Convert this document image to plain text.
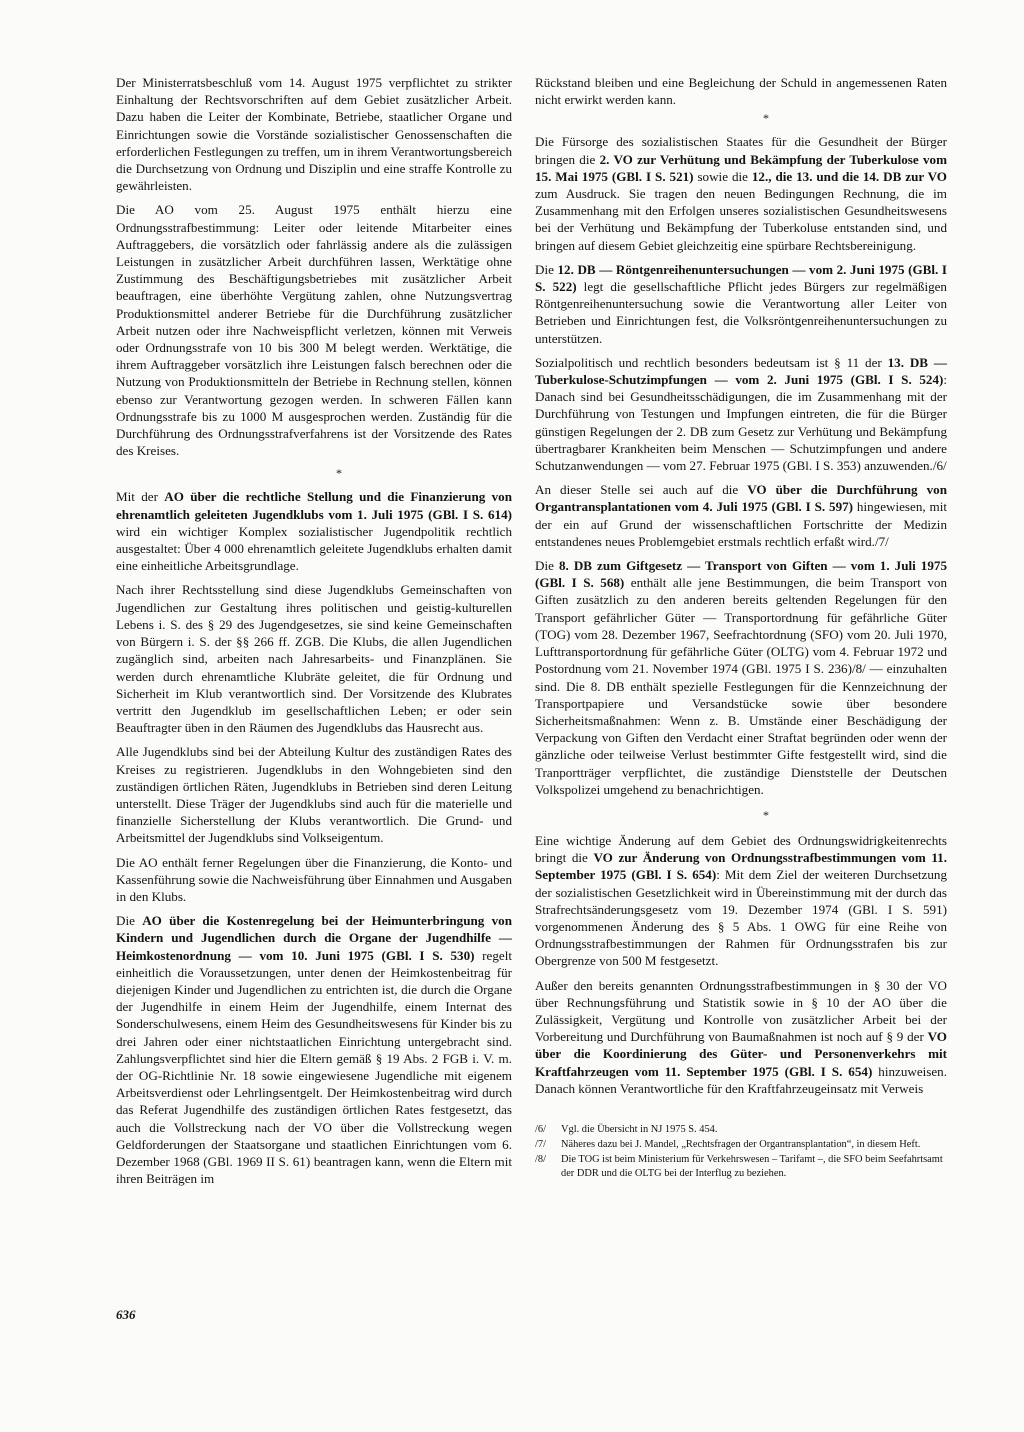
Der Ministerratsbeschluß vom 14. August 1975 verpflichtet zu strikter Einhaltung der Rechtsvorschriften auf dem Gebiet zusätzlicher Arbeit. Dazu haben die Leiter der Kombinate, Betriebe, staatlicher Organe und Einrichtungen sowie die Vorstände sozialistischer Genossenschaften die erforderlichen Festlegungen zu treffen, um in ihrem Verantwortungsbereich die Durchsetzung von Ordnung und Disziplin und eine straffe Kontrolle zu gewährleisten.

Die AO vom 25. August 1975 enthält hierzu eine Ordnungsstrafbestimmung: Leiter oder leitende Mitarbeiter eines Auftraggebers, die vorsätzlich oder fahrlässig andere als die zulässigen Leistungen in zusätzlicher Arbeit durchführen lassen, Werktätige ohne Zustimmung des Beschäftigungsbetriebes mit zusätzlicher Arbeit beauftragen, eine überhöhte Vergütung zahlen, ohne Nutzungsvertrag Produktionsmittel anderer Betriebe für die Durchführung zusätzlicher Arbeit nutzen oder ihre Nachweispflicht verletzen, können mit Verweis oder Ordnungsstrafe von 10 bis 300 M belegt werden. Werktätige, die ihrem Auftraggeber vorsätzlich ihre Leistungen falsch berechnen oder die Nutzung von Produktionsmitteln der Betriebe in Rechnung stellen, können ebenso zur Verantwortung gezogen werden. In schweren Fällen kann Ordnungsstrafe bis zu 1000 M ausgesprochen werden. Zuständig für die Durchführung des Ordnungsstrafverfahrens ist der Vorsitzende des Rates des Kreises.

*

Mit der AO über die rechtliche Stellung und die Finanzierung von ehrenamtlich geleiteten Jugendklubs vom 1. Juli 1975 (GBl. I S. 614) wird ein wichtiger Komplex sozialistischer Jugendpolitik rechtlich ausgestaltet: Über 4 000 ehrenamtlich geleitete Jugendklubs erhalten damit eine einheitliche Arbeitsgrundlage.

Nach ihrer Rechtsstellung sind diese Jugendklubs Gemeinschaften von Jugendlichen zur Gestaltung ihres politischen und geistig-kulturellen Lebens i. S. des § 29 des Jugendgesetzes, sie sind keine Gemeinschaften von Bürgern i. S. der §§ 266 ff. ZGB. Die Klubs, die allen Jugendlichen zugänglich sind, arbeiten nach Jahresarbeits- und Finanzplänen. Sie werden durch ehrenamtliche Klubräte geleitet, die für Ordnung und Sicherheit im Klub verantwortlich sind. Der Vorsitzende des Klubrates vertritt den Jugendklub im gesellschaftlichen Leben; er oder sein Beauftragter üben in den Räumen des Jugendklubs das Hausrecht aus.

Alle Jugendklubs sind bei der Abteilung Kultur des zuständigen Rates des Kreises zu registrieren. Jugendklubs in den Wohngebieten sind den zuständigen örtlichen Räten, Jugendklubs in Betrieben sind deren Leitung unterstellt. Diese Träger der Jugendklubs sind auch für die materielle und finanzielle Sicherstellung der Klubs verantwortlich. Die Grund- und Arbeitsmittel der Jugendklubs sind Volkseigentum.

Die AO enthält ferner Regelungen über die Finanzierung, die Konto- und Kassenführung sowie die Nachweisführung über Einnahmen und Ausgaben in den Klubs.

Die AO über die Kostenregelung bei der Heimunterbringung von Kindern und Jugendlichen durch die Organe der Jugendhilfe — Heimkostenordnung — vom 10. Juni 1975 (GBl. I S. 530) regelt einheitlich die Voraussetzungen, unter denen der Heimkostenbeitrag für diejenigen Kinder und Jugendlichen zu entrichten ist, die durch die Organe der Jugendhilfe in einem Heim der Jugendhilfe, einem Internat des Sonderschulwesens, einem Heim des Gesundheitswesens für Kinder bis zu drei Jahren oder einer nichtstaatlichen Einrichtung untergebracht sind. Zahlungsverpflichtet sind hier die Eltern gemäß § 19 Abs. 2 FGB i. V. m. der OG-Richtlinie Nr. 18 sowie eingewiesene Jugendliche mit eigenem Arbeitsverdienst oder Lehrlingsentgelt. Der Heimkostenbeitrag wird durch das Referat Jugendhilfe des zuständigen örtlichen Rates festgesetzt, das auch die Vollstreckung nach der VO über die Vollstreckung wegen Geldforderungen der Staatsorgane und staatlichen Einrichtungen vom 6. Dezember 1968 (GBl. 1969 II S. 61) beantragen kann, wenn die Eltern mit ihren Beiträgen im

Rückstand bleiben und eine Begleichung der Schuld in angemessenen Raten nicht erwirkt werden kann.

*

Die Fürsorge des sozialistischen Staates für die Gesundheit der Bürger bringen die 2. VO zur Verhütung und Bekämpfung der Tuberkulose vom 15. Mai 1975 (GBl. I S. 521) sowie die 12., die 13. und die 14. DB zur VO zum Ausdruck. Sie tragen den neuen Bedingungen Rechnung, die im Zusammenhang mit den Erfolgen unseres sozialistischen Gesundheitswesens bei der Verhütung und Bekämpfung der Tuberkoluse entstanden sind, und bringen auf diesem Gebiet gleichzeitig eine spürbare Rechtsbereinigung.

Die 12. DB — Röntgenreihenuntersuchungen — vom 2. Juni 1975 (GBl. I S. 522) legt die gesellschaftliche Pflicht jedes Bürgers zur regelmäßigen Röntgenreihenuntersuchung sowie die Verantwortung aller Leiter von Betrieben und Einrichtungen fest, die Volksröntgenreihenuntersuchungen zu unterstützen.

Sozialpolitisch und rechtlich besonders bedeutsam ist § 11 der 13. DB — Tuberkulose-Schutzimpfungen — vom 2. Juni 1975 (GBl. I S. 524): Danach sind bei Gesundheitsschädigungen, die im Zusammenhang mit der Durchführung von Testungen und Impfungen eintreten, die für die Bürger günstigen Regelungen der 2. DB zum Gesetz zur Verhütung und Bekämpfung übertragbarer Krankheiten beim Menschen — Schutzimpfungen und andere Schutzanwendungen — vom 27. Februar 1975 (GBl. I S. 353) anzuwenden./6/

An dieser Stelle sei auch auf die VO über die Durchführung von Organtransplantationen vom 4. Juli 1975 (GBl. I S. 597) hingewiesen, mit der ein auf Grund der wissenschaftlichen Fortschritte der Medizin entstandenes neues Problemgebiet erstmals rechtlich erfaßt wird./7/

Die 8. DB zum Giftgesetz — Transport von Giften — vom 1. Juli 1975 (GBl. I S. 568) enthält alle jene Bestimmungen, die beim Transport von Giften zusätzlich zu den anderen bereits geltenden Regelungen für den Transport gefährlicher Güter — Transportordnung für gefährliche Güter (TOG) vom 28. Dezember 1967, Seefrachtordnung (SFO) vom 20. Juli 1970, Lufttransportordnung für gefährliche Güter (OLTG) vom 4. Februar 1972 und Postordnung vom 21. November 1974 (GBl. 1975 I S. 236)/8/ — einzuhalten sind. Die 8. DB enthält spezielle Festlegungen für die Kennzeichnung der Transportpapiere und Versandstücke sowie über besondere Sicherheitsmaßnahmen: Wenn z. B. Umstände einer Beschädigung der Verpackung von Giften den Verdacht einer Straftat begründen oder wenn der gänzliche oder teilweise Verlust bestimmter Gifte festgestellt wird, sind die Tranportträger verpflichtet, die zuständige Dienststelle der Deutschen Volkspolizei umgehend zu benachrichtigen.

*

Eine wichtige Änderung auf dem Gebiet des Ordnungswidrigkeitenrechts bringt die VO zur Änderung von Ordnungsstrafbestimmungen vom 11. September 1975 (GBl. I S. 654): Mit dem Ziel der weiteren Durchsetzung der sozialistischen Gesetzlichkeit wird in Übereinstimmung mit der durch das Strafrechtsänderungsgesetz vom 19. Dezember 1974 (GBl. I S. 591) vorgenommenen Änderung des § 5 Abs. 1 OWG für eine Reihe von Ordnungsstrafbestimmungen der Rahmen für Ordnungsstrafen bis zur Obergrenze von 500 M festgesetzt.

Außer den bereits genannten Ordnungsstrafbestimmungen in § 30 der VO über Rechnungsführung und Statistik sowie in § 10 der AO über die Zulässigkeit, Vergütung und Kontrolle von zusätzlicher Arbeit bei der Vorbereitung und Durchführung von Baumaßnahmen ist noch auf § 9 der VO über die Koordinierung des Güter- und Personenverkehrs mit Kraftfahrzeugen vom 11. September 1975 (GBl. I S. 654) hinzuweisen. Danach können Verantwortliche für den Kraftfahrzeugeinsatz mit Verweis

/6/ Vgl. die Übersicht in NJ 1975 S. 454.

/7/ Näheres dazu bei J. Mandel, „Rechtsfragen der Organtransplantation“, in diesem Heft.

/8/ Die TOG ist beim Ministerium für Verkehrswesen – Tarifamt –, die SFO beim Seefahrtsamt der DDR und die OLTG bei der Interflug zu beziehen.

636
